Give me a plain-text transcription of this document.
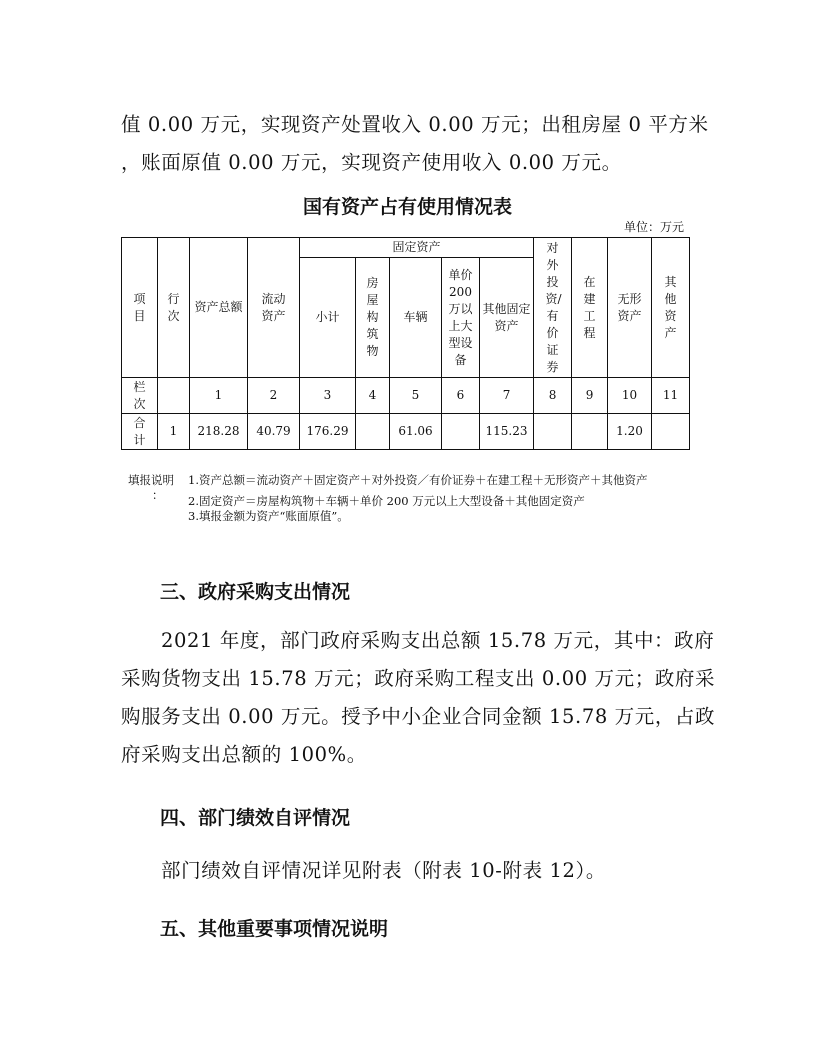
值 0.00 万元，实现资产处置收入 0.00 万元；出租房屋 0 平方米
，账面原值 0.00 万元，实现资产使用收入 0.00 万元。
国有资产占有使用情况表
单位：万元
项目	行次	资产总额	流动资产	固定资产					对外投资/有价证券	在建工程	无形资产	其他资产

				小计	房屋构筑物	车辆	单价200万以上大型设备	其他固定资产				

栏次		1	2	3	4	5	6	7	8	9	10	11

合计	1	218.28	40.79	176.29		61.06		115.23			1.20	
填报说明
：
1.资产总额＝流动资产＋固定资产＋对外投资／有价证券＋在建工程＋无形资产＋其他资产
2.固定资产＝房屋构筑物＋车辆＋单价 200 万元以上大型设备＋其他固定资产
3.填报金额为资产“账面原值”。
三、政府采购支出情况
2021 年度，部门政府采购支出总额 15.78 万元，其中：政府
采购货物支出 15.78 万元；政府采购工程支出 0.00 万元；政府采
购服务支出 0.00 万元。授予中小企业合同金额 15.78 万元，占政
府采购支出总额的 100%。
四、部门绩效自评情况
部门绩效自评情况详见附表（附表 10-附表 12）。
五、其他重要事项情况说明
